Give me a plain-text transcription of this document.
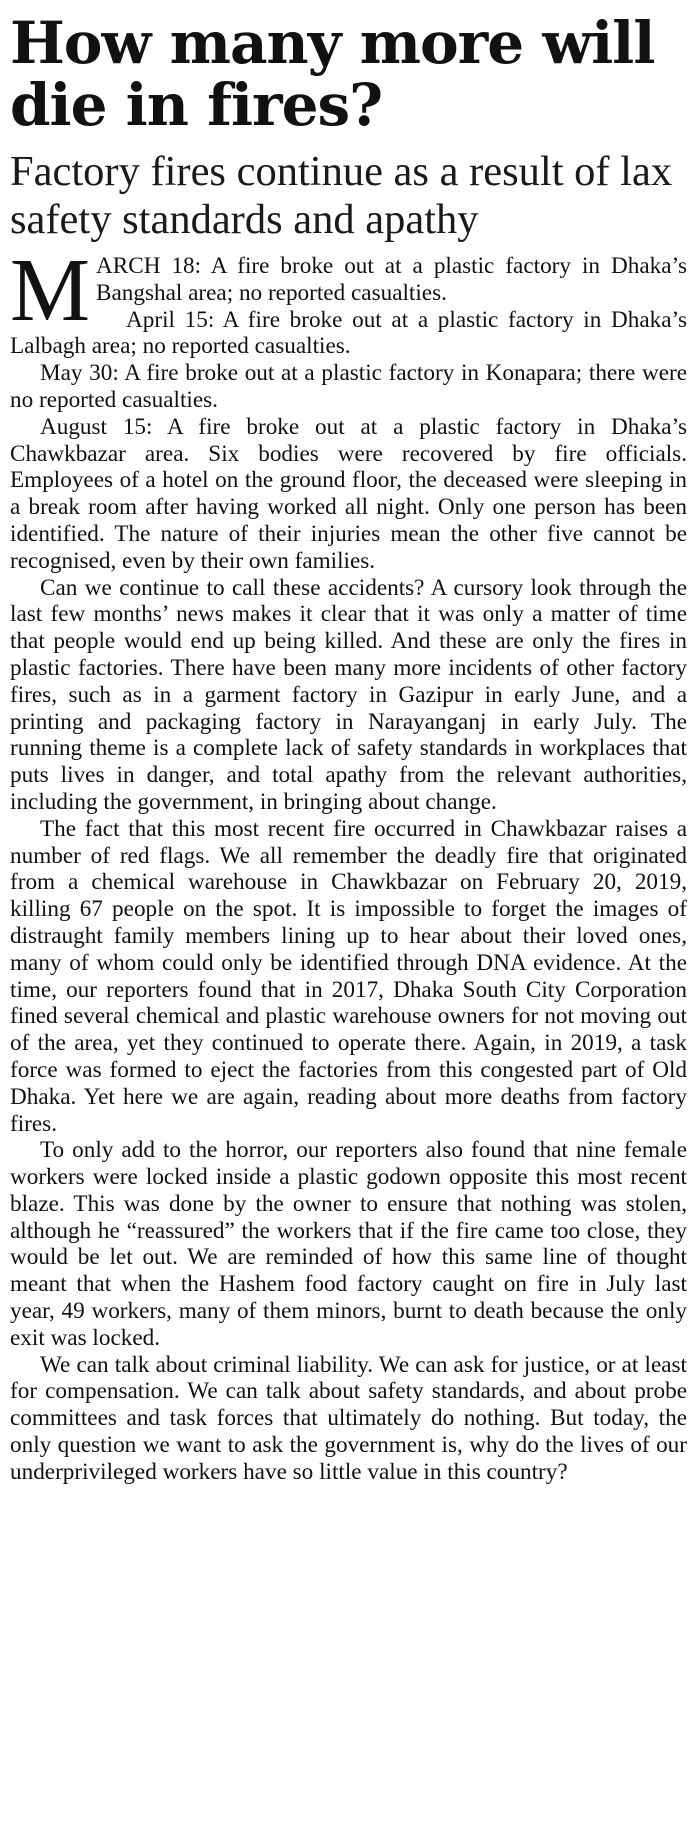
How many more will die in fires?
Factory fires continue as a result of lax safety standards and apathy

MARCH 18: A fire broke out at a plastic factory in Dhaka’s Bangshal area; no reported casualties.

April 15: A fire broke out at a plastic factory in Dhaka’s Lalbagh area; no reported casualties.

May 30: A fire broke out at a plastic factory in Konapara; there were no reported casualties.

August 15: A fire broke out at a plastic factory in Dhaka’s Chawkbazar area. Six bodies were recovered by fire officials. Employees of a hotel on the ground floor, the deceased were sleeping in a break room after having worked all night. Only one person has been identified. The nature of their injuries mean the other five cannot be recognised, even by their own families.

Can we continue to call these accidents? A cursory look through the last few months’ news makes it clear that it was only a matter of time that people would end up being killed. And these are only the fires in plastic factories. There have been many more incidents of other factory fires, such as in a garment factory in Gazipur in early June, and a printing and packaging factory in Narayanganj in early July. The running theme is a complete lack of safety standards in workplaces that puts lives in danger, and total apathy from the relevant authorities, including the government, in bringing about change.

The fact that this most recent fire occurred in Chawkbazar raises a number of red flags. We all remember the deadly fire that originated from a chemical warehouse in Chawkbazar on February 20, 2019, killing 67 people on the spot. It is impossible to forget the images of distraught family members lining up to hear about their loved ones, many of whom could only be identified through DNA evidence. At the time, our reporters found that in 2017, Dhaka South City Corporation fined several chemical and plastic warehouse owners for not moving out of the area, yet they continued to operate there. Again, in 2019, a task force was formed to eject the factories from this congested part of Old Dhaka. Yet here we are again, reading about more deaths from factory fires.

To only add to the horror, our reporters also found that nine female workers were locked inside a plastic godown opposite this most recent blaze. This was done by the owner to ensure that nothing was stolen, although he “reassured” the workers that if the fire came too close, they would be let out. We are reminded of how this same line of thought meant that when the Hashem food factory caught on fire in July last year, 49 workers, many of them minors, burnt to death because the only exit was locked.

We can talk about criminal liability. We can ask for justice, or at least for compensation. We can talk about safety standards, and about probe committees and task forces that ultimately do nothing. But today, the only question we want to ask the government is, why do the lives of our underprivileged workers have so little value in this country?
